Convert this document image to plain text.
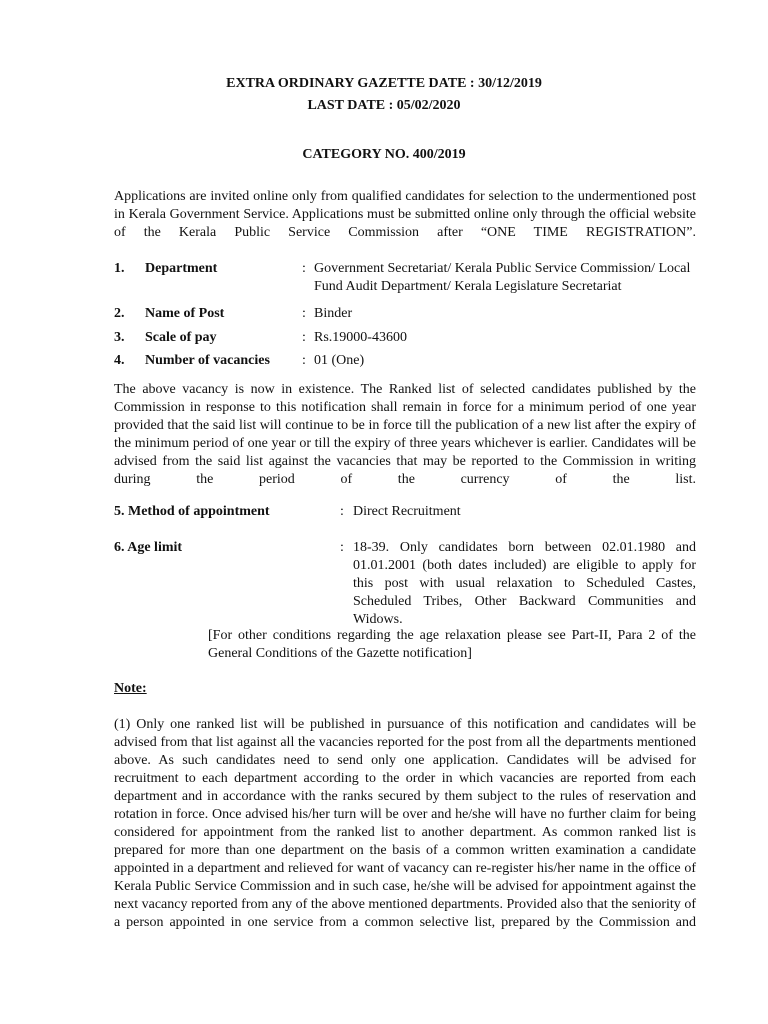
EXTRA ORDINARY GAZETTE DATE : 30/12/2019
LAST DATE : 05/02/2020
CATEGORY NO. 400/2019
Applications are invited online only from qualified candidates for selection to the undermentioned post in Kerala Government Service. Applications must be submitted online only through the official website of the Kerala Public Service Commission after “ONE TIME REGISTRATION”.
1. Department	: Government Secretariat/ Kerala Public Service Commission/ Local Fund Audit Department/ Kerala Legislature Secretariat
2. Name of Post	: Binder
3. Scale of pay	: Rs.19000-43600
4. Number of vacancies : 01 (One)
The above vacancy is now in existence. The Ranked list of selected candidates published by the Commission in response to this notification shall remain in force for a minimum period of one year provided that the said list will continue to be in force till the publication of a new list after the expiry of the minimum period of one year or till the expiry of three years whichever is earlier. Candidates will be advised from the said list against the vacancies that may be reported to the Commission in writing during the period of the currency of the list.
5. Method of appointment	: Direct Recruitment
6. Age limit	: 18-39. Only candidates born between 02.01.1980 and 01.01.2001 (both dates included) are eligible to apply for this post with usual relaxation to Scheduled Castes, Scheduled Tribes, Other Backward Communities and Widows.
[For other conditions regarding the age relaxation please see Part-II, Para 2 of the General Conditions of the Gazette notification]
Note:
(1) Only one ranked list will be published in pursuance of this notification and candidates will be advised from that list against all the vacancies reported for the post from all the departments mentioned above. As such candidates need to send only one application. Candidates will be advised for recruitment to each department according to the order in which vacancies are reported from each department and in accordance with the ranks secured by them subject to the rules of reservation and rotation in force. Once advised his/her turn will be over and he/she will have no further claim for being considered for appointment from the ranked list to another department. As common ranked list is prepared for more than one department on the basis of a common written examination a candidate appointed in a department and relieved for want of vacancy can re-register his/her name in the office of Kerala Public Service Commission and in such case, he/she will be advised for appointment against the next vacancy reported from any of the above mentioned departments. Provided also that the seniority of a person appointed in one service from a common selective list, prepared by the Commission and
